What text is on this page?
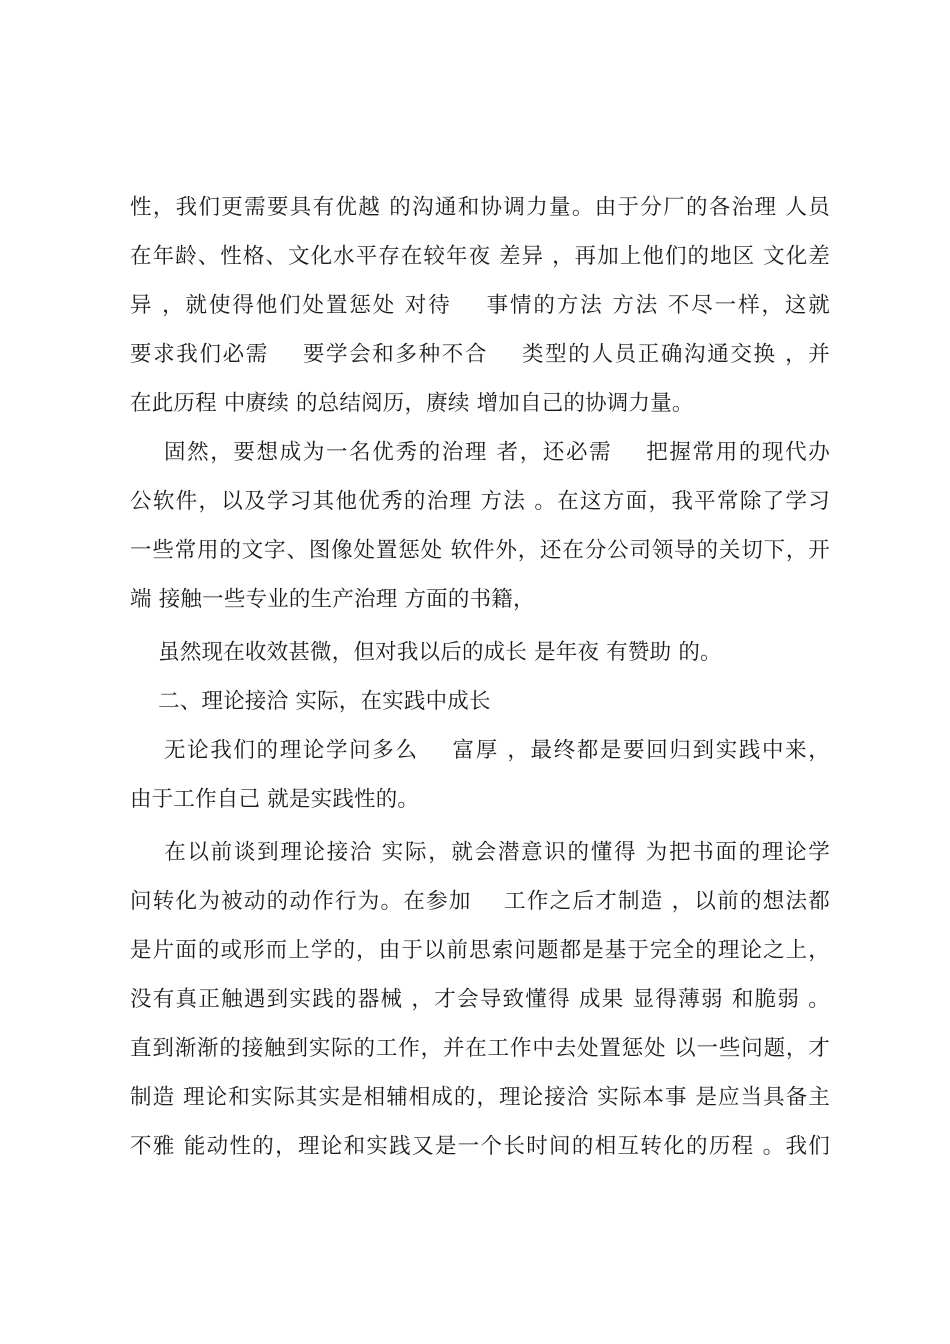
性，我们更需要具有优越 的沟通和协调力量。由于分厂的各治理 人员
在年龄、性格、文化水平存在较年夜 差异 ，再加上他们的地区 文化差
异 ，就使得他们处置惩处 对待    事情的方法 方法 不尽一样，这就
要求我们必需    要学会和多种不合    类型的人员正确沟通交换 ，并
在此历程 中赓续 的总结阅历，赓续 增加自己的协调力量。
固然，要想成为一名优秀的治理 者，还必需    把握常用的现代办
公软件，以及学习其他优秀的治理 方法 。在这方面，我平常除了学习
一些常用的文字、图像处置惩处 软件外，还在分公司领导的关切下，开
端 接触一些专业的生产治理 方面的书籍，
虽然现在收效甚微，但对我以后的成长 是年夜 有赞助 的。
二、理论接洽 实际，在实践中成长
无论我们的理论学问多么    富厚 ，最终都是要回归到实践中来，
由于工作自己 就是实践性的。
在以前谈到理论接洽 实际，就会潜意识的懂得 为把书面的理论学
问转化为被动的动作行为。在参加    工作之后才制造 ，以前的想法都
是片面的或形而上学的，由于以前思索问题都是基于完全的理论之上，
没有真正触遇到实践的器械 ，才会导致懂得 成果 显得薄弱 和脆弱 。
直到渐渐的接触到实际的工作，并在工作中去处置惩处 以一些问题，才
制造 理论和实际其实是相辅相成的，理论接洽 实际本事 是应当具备主
不雅 能动性的，理论和实践又是一个长时间的相互转化的历程 。我们
